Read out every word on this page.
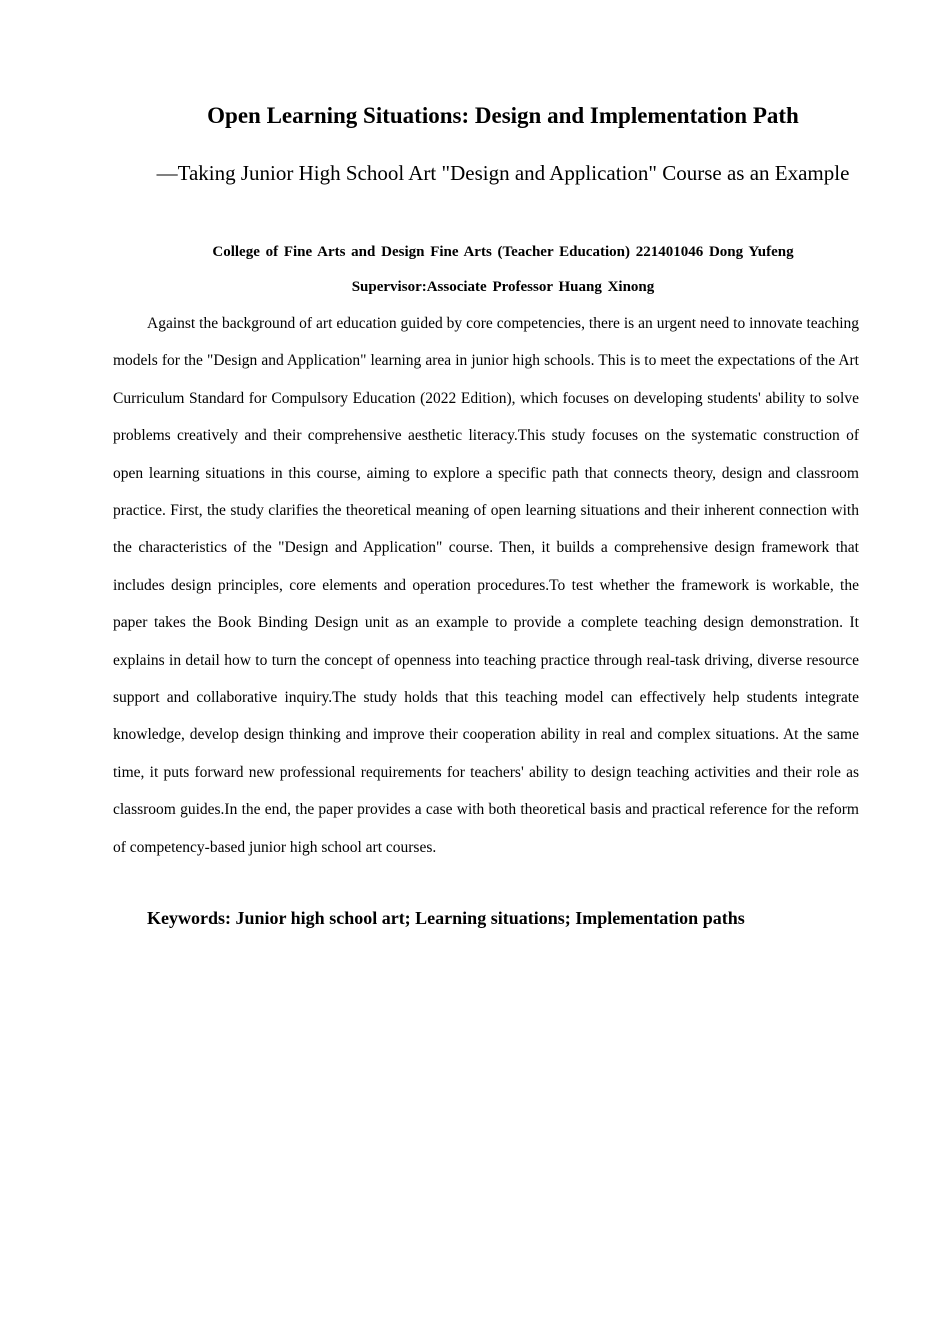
Open Learning Situations: Design and Implementation Path

—Taking Junior High School Art "Design and Application" Course as an Example

College of Fine Arts and Design Fine Arts (Teacher Education) 221401046 Dong Yufeng

Supervisor:Associate Professor Huang Xinong

Against the background of art education guided by core competencies, there is an urgent need to innovate teaching models for the "Design and Application" learning area in junior high schools. This is to meet the expectations of the Art Curriculum Standard for Compulsory Education (2022 Edition), which focuses on developing students' ability to solve problems creatively and their comprehensive aesthetic literacy.This study focuses on the systematic construction of open learning situations in this course, aiming to explore a specific path that connects theory, design and classroom practice. First, the study clarifies the theoretical meaning of open learning situations and their inherent connection with the characteristics of the "Design and Application" course. Then, it builds a comprehensive design framework that includes design principles, core elements and operation procedures.To test whether the framework is workable, the paper takes the Book Binding Design unit as an example to provide a complete teaching design demonstration. It explains in detail how to turn the concept of openness into teaching practice through real-task driving, diverse resource support and collaborative inquiry.The study holds that this teaching model can effectively help students integrate knowledge, develop design thinking and improve their cooperation ability in real and complex situations. At the same time, it puts forward new professional requirements for teachers' ability to design teaching activities and their role as classroom guides.In the end, the paper provides a case with both theoretical basis and practical reference for the reform of competency-based junior high school art courses.

Keywords: Junior high school art; Learning situations; Implementation paths
